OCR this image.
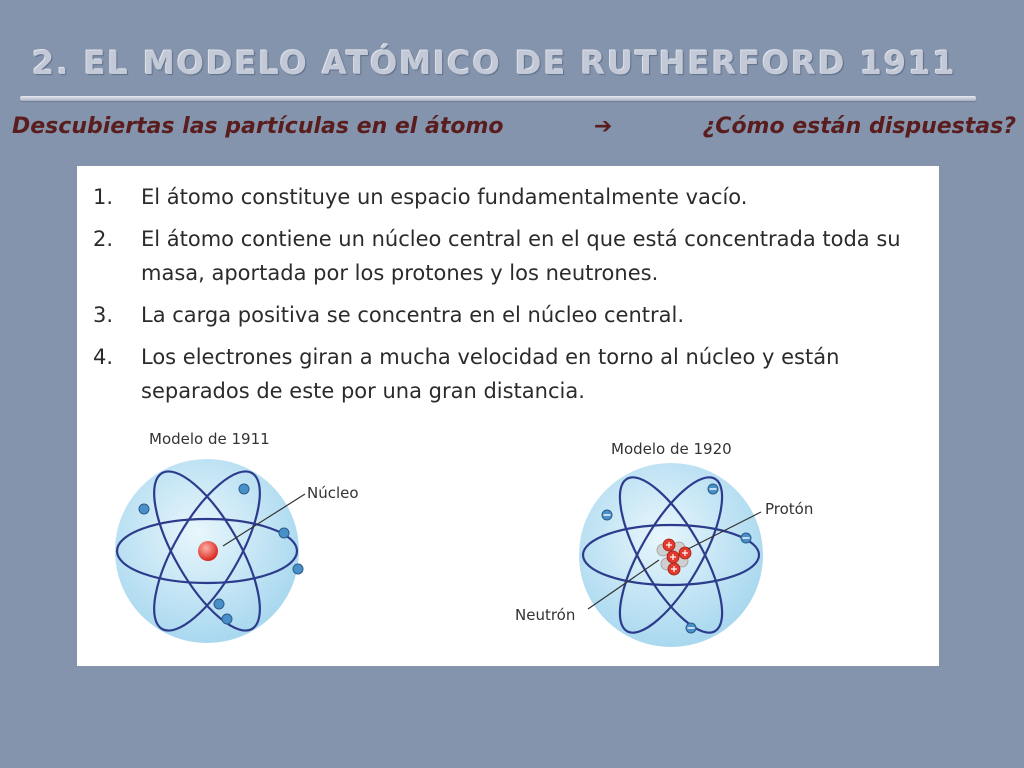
2. EL MODELO ATÓMICO DE RUTHERFORD 1911

Descubiertas las partículas en el átomo	➔	¿Cómo están dispuestas?

1.	El átomo constituye un espacio fundamentalmente vacío.
2.	El átomo contiene un núcleo central en el que está concentrada toda su masa, aportada por los protones y los neutrones.
3.	La carga positiva se concentra en el núcleo central.
4.	Los electrones giran a mucha velocidad en torno al núcleo y están separados de este por una gran distancia.
Modelo de 1911
Núcleo
Modelo de 1920
Protón
Neutrón
